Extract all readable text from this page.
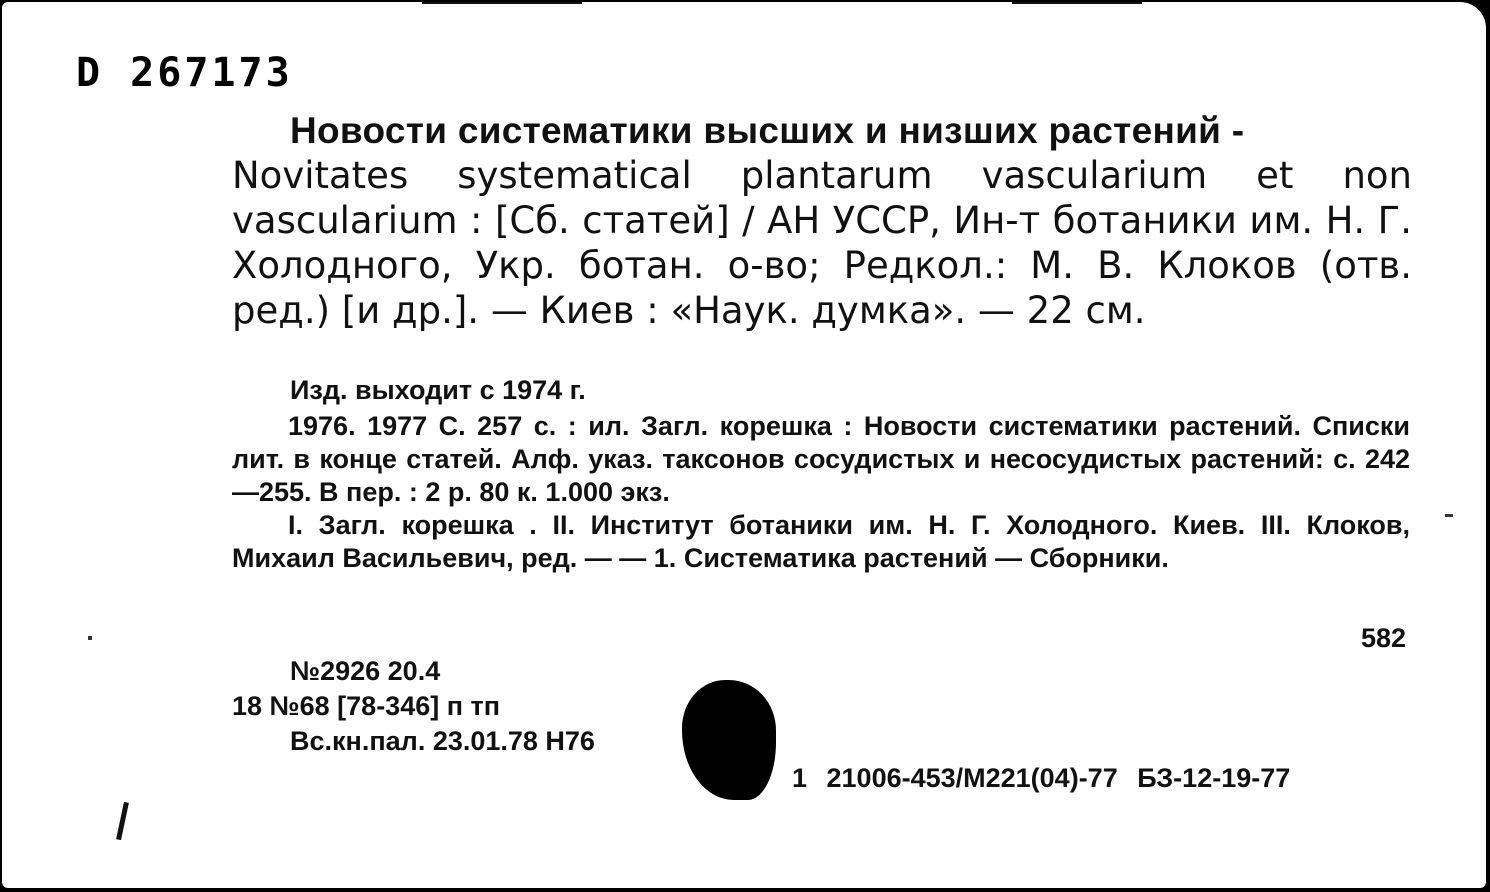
D 267173
Новости систематики высших и низших растений -
Novitates systematical plantarum vascularium et non vascularium : [Сб. статей] / АН УССР, Ин-т ботаники им. Н. Г. Холодного, Укр. ботан. о-во; Редкол.: М. В. Клоков (отв. ред.) [и др.]. — Киев : «Наук. думка». — 22 см.
Изд. выходит с 1974 г.

1976. 1977 С. 257 с. : ил. Загл. корешка : Новости систематики растений. Списки лит. в конце статей. Алф. указ. таксонов сосудистых и несосудистых растений: с. 242—255. В пер. : 2 р. 80 к. 1.000 экз.

I. Загл. корешка . II. Институт ботаники им. Н. Г. Холодного. Киев. III. Клоков, Михаил Васильевич, ред. — — 1. Систематика растений — Сборники.

582
№2926 20.4
18 №68 [78-346] п тп
Вс.кн.пал. 23.01.78 Н76
1 21006-453/М221(04)-77 БЗ-12-19-77
